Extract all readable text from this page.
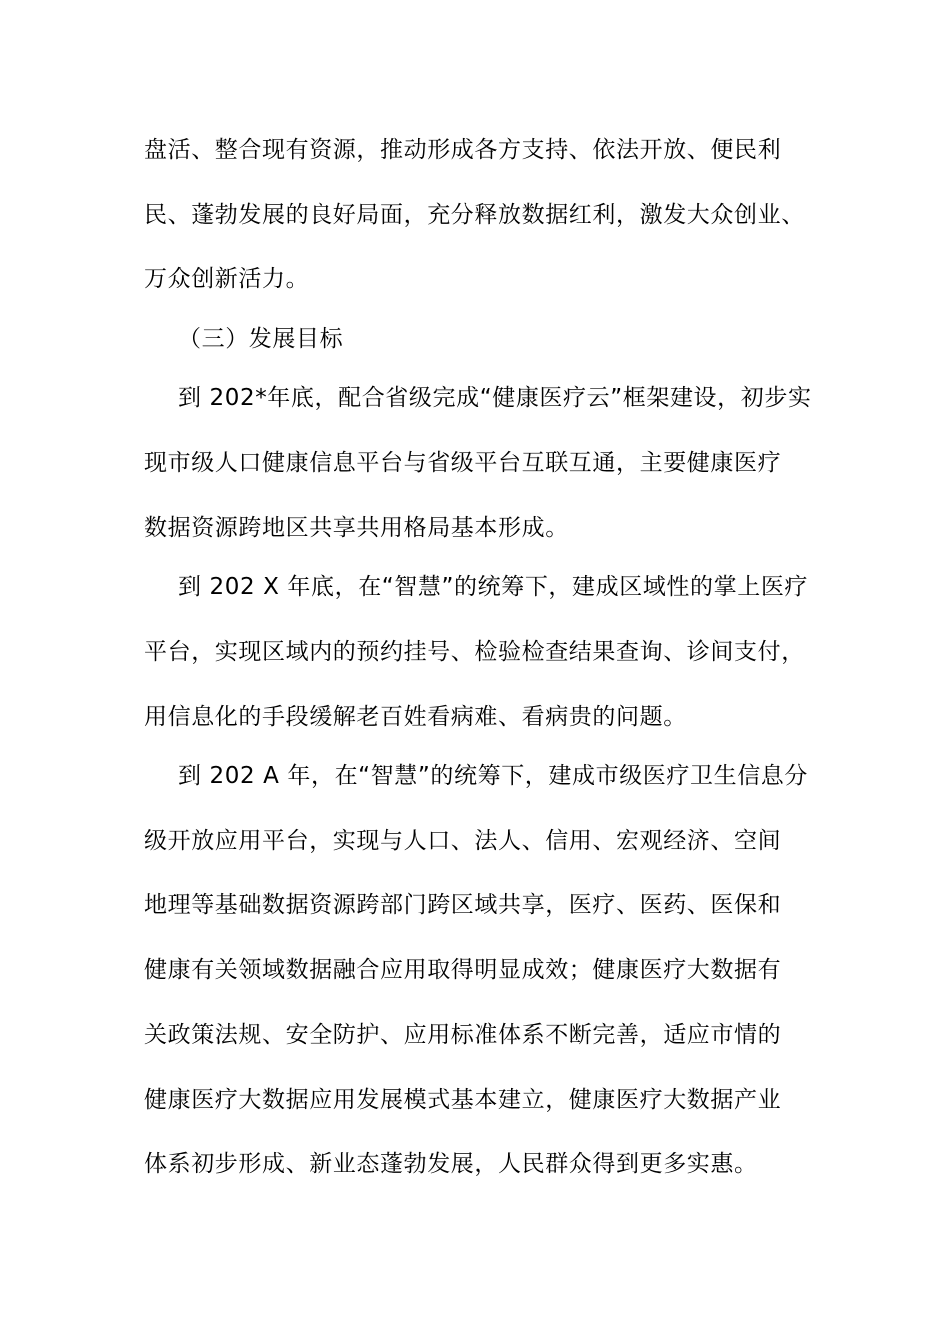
盘活、整合现有资源，推动形成各方支持、依法开放、便民利
民、蓬勃发展的良好局面，充分释放数据红利，激发大众创业、
万众创新活力。
（三）发展目标
到 202*年底，配合省级完成“健康医疗云”框架建设，初步实
现市级人口健康信息平台与省级平台互联互通，主要健康医疗
数据资源跨地区共享共用格局基本形成。
到 202 X 年底，在“智慧”的统筹下，建成区域性的掌上医疗
平台，实现区域内的预约挂号、检验检查结果查询、诊间支付，
用信息化的手段缓解老百姓看病难、看病贵的问题。
到 202 A 年，在“智慧”的统筹下，建成市级医疗卫生信息分
级开放应用平台，实现与人口、法人、信用、宏观经济、空间
地理等基础数据资源跨部门跨区域共享，医疗、医药、医保和
健康有关领域数据融合应用取得明显成效；健康医疗大数据有
关政策法规、安全防护、应用标准体系不断完善，适应市情的
健康医疗大数据应用发展模式基本建立，健康医疗大数据产业
体系初步形成、新业态蓬勃发展，人民群众得到更多实惠。
